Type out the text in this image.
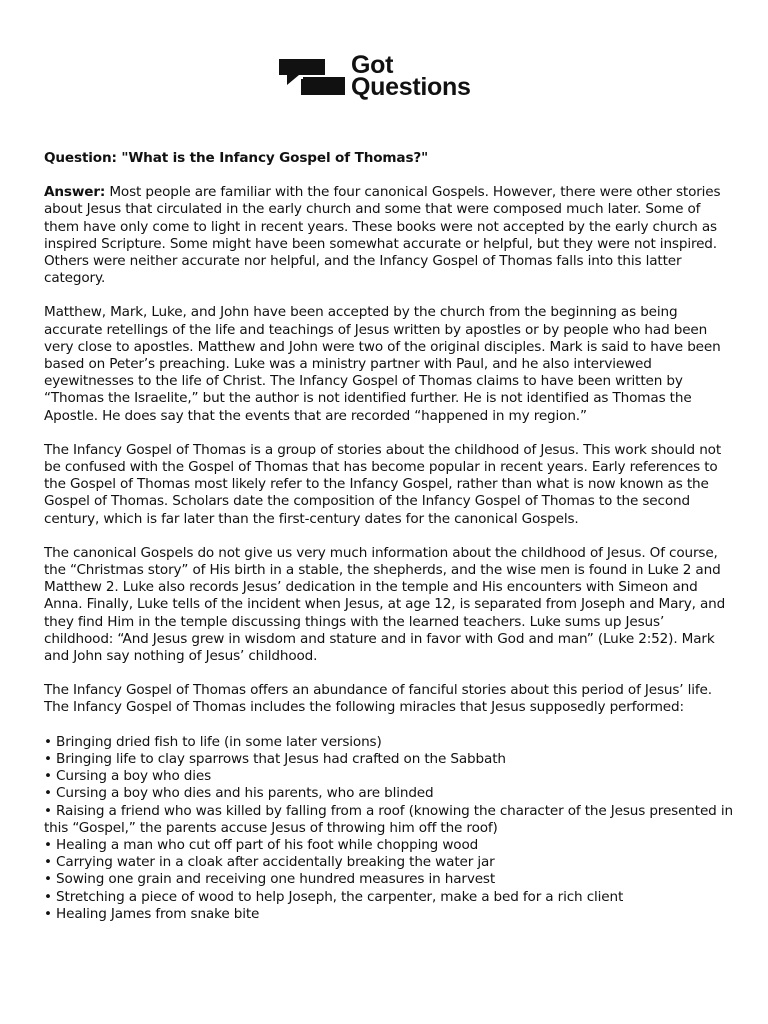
Got
Questions
Question: "What is the Infancy Gospel of Thomas?"

Answer: Most people are familiar with the four canonical Gospels. However, there were other stories about Jesus that circulated in the early church and some that were composed much later. Some of them have only come to light in recent years. These books were not accepted by the early church as inspired Scripture. Some might have been somewhat accurate or helpful, but they were not inspired. Others were neither accurate nor helpful, and the Infancy Gospel of Thomas falls into this latter category.

Matthew, Mark, Luke, and John have been accepted by the church from the beginning as being accurate retellings of the life and teachings of Jesus written by apostles or by people who had been very close to apostles. Matthew and John were two of the original disciples. Mark is said to have been based on Peter’s preaching. Luke was a ministry partner with Paul, and he also interviewed eyewitnesses to the life of Christ. The Infancy Gospel of Thomas claims to have been written by “Thomas the Israelite,” but the author is not identified further. He is not identified as Thomas the Apostle. He does say that the events that are recorded “happened in my region.”

The Infancy Gospel of Thomas is a group of stories about the childhood of Jesus. This work should not be confused with the Gospel of Thomas that has become popular in recent years. Early references to the Gospel of Thomas most likely refer to the Infancy Gospel, rather than what is now known as the Gospel of Thomas. Scholars date the composition of the Infancy Gospel of Thomas to the second century, which is far later than the first-century dates for the canonical Gospels.

The canonical Gospels do not give us very much information about the childhood of Jesus. Of course, the “Christmas story” of His birth in a stable, the shepherds, and the wise men is found in Luke 2 and Matthew 2. Luke also records Jesus’ dedication in the temple and His encounters with Simeon and Anna. Finally, Luke tells of the incident when Jesus, at age 12, is separated from Joseph and Mary, and they find Him in the temple discussing things with the learned teachers. Luke sums up Jesus’ childhood: “And Jesus grew in wisdom and stature and in favor with God and man” (Luke 2:52). Mark and John say nothing of Jesus’ childhood.

The Infancy Gospel of Thomas offers an abundance of fanciful stories about this period of Jesus’ life. The Infancy Gospel of Thomas includes the following miracles that Jesus supposedly performed:

• Bringing dried fish to life (in some later versions)
• Bringing life to clay sparrows that Jesus had crafted on the Sabbath
• Cursing a boy who dies
• Cursing a boy who dies and his parents, who are blinded
• Raising a friend who was killed by falling from a roof (knowing the character of the Jesus presented in this “Gospel,” the parents accuse Jesus of throwing him off the roof)
• Healing a man who cut off part of his foot while chopping wood
• Carrying water in a cloak after accidentally breaking the water jar
• Sowing one grain and receiving one hundred measures in harvest
• Stretching a piece of wood to help Joseph, the carpenter, make a bed for a rich client
• Healing James from snake bite
